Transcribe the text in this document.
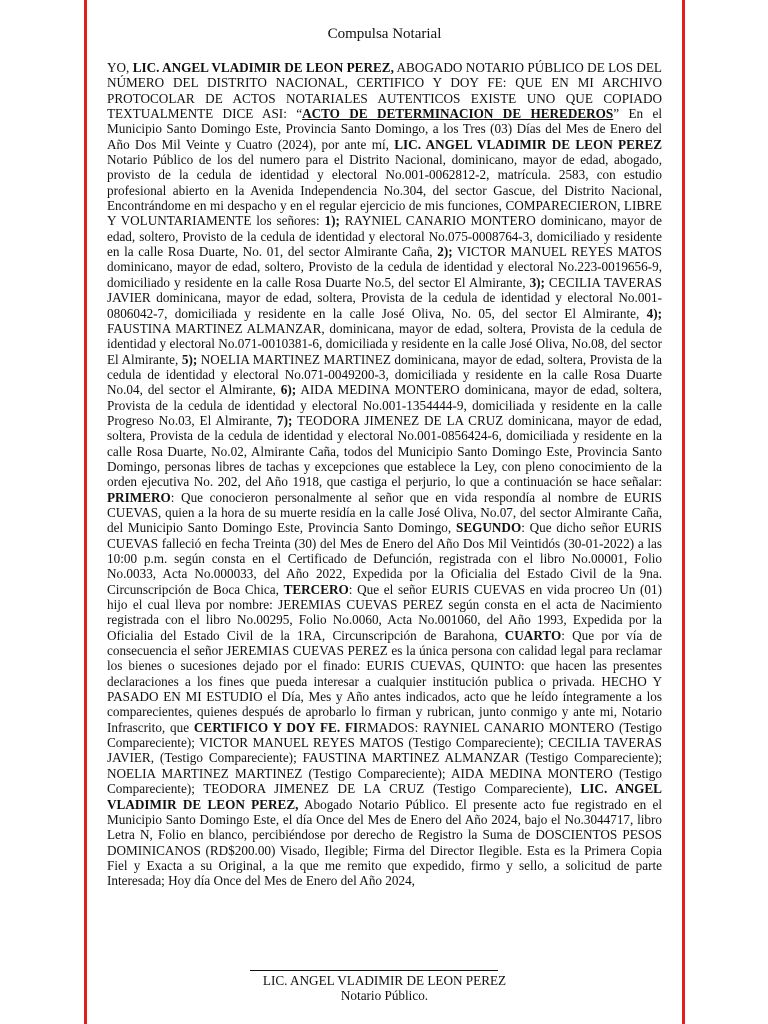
Compulsa Notarial

YO, LIC. ANGEL VLADIMIR DE LEON PEREZ, ABOGADO NOTARIO PÚBLICO DE LOS DEL NÚMERO DEL DISTRITO NACIONAL, CERTIFICO Y DOY FE: QUE EN MI ARCHIVO PROTOCOLAR DE ACTOS NOTARIALES AUTENTICOS EXISTE UNO QUE COPIADO TEXTUALMENTE DICE ASI: “ACTO DE DETERMINACION DE HEREDEROS” En el Municipio Santo Domingo Este, Provincia Santo Domingo, a los Tres (03) Días del Mes de Enero del Año Dos Mil Veinte y Cuatro (2024), por ante mí, LIC. ANGEL VLADIMIR DE LEON PEREZ Notario Público de los del numero para el Distrito Nacional, dominicano, mayor de edad, abogado, provisto de la cedula de identidad y electoral No.001-0062812-2, matrícula. 2583, con estudio profesional abierto en la Avenida Independencia No.304, del sector Gascue, del Distrito Nacional, Encontrándome en mi despacho y en el regular ejercicio de mis funciones, COMPARECIERON, LIBRE Y VOLUNTARIAMENTE los señores: 1); RAYNIEL CANARIO MONTERO dominicano, mayor de edad, soltero, Provisto de la cedula de identidad y electoral No.075-0008764-3, domiciliado y residente en la calle Rosa Duarte, No. 01, del sector Almirante Caña, 2); VICTOR MANUEL REYES MATOS dominicano, mayor de edad, soltero, Provisto de la cedula de identidad y electoral No.223-0019656-9, domiciliado y residente en la calle Rosa Duarte No.5, del sector El Almirante, 3); CECILIA TAVERAS JAVIER dominicana, mayor de edad, soltera, Provista de la cedula de identidad y electoral No.001-0806042-7, domiciliada y residente en la calle José Oliva, No. 05, del sector El Almirante, 4); FAUSTINA MARTINEZ ALMANZAR, dominicana, mayor de edad, soltera, Provista de la cedula de identidad y electoral No.071-0010381-6, domiciliada y residente en la calle José Oliva, No.08, del sector El Almirante, 5); NOELIA MARTINEZ MARTINEZ dominicana, mayor de edad, soltera, Provista de la cedula de identidad y electoral No.071-0049200-3, domiciliada y residente en la calle Rosa Duarte No.04, del sector el Almirante, 6); AIDA MEDINA MONTERO dominicana, mayor de edad, soltera, Provista de la cedula de identidad y electoral No.001-1354444-9, domiciliada y residente en la calle Progreso No.03, El Almirante, 7); TEODORA JIMENEZ DE LA CRUZ dominicana, mayor de edad, soltera, Provista de la cedula de identidad y electoral No.001-0856424-6, domiciliada y residente en la calle Rosa Duarte, No.02, Almirante Caña, todos del Municipio Santo Domingo Este, Provincia Santo Domingo, personas libres de tachas y excepciones que establece la Ley, con pleno conocimiento de la orden ejecutiva No. 202, del Año 1918, que castiga el perjurio, lo que a continuación se hace señalar: PRIMERO: Que conocieron personalmente al señor que en vida respondía al nombre de EURIS CUEVAS, quien a la hora de su muerte residía en la calle José Oliva, No.07, del sector Almirante Caña, del Municipio Santo Domingo Este, Provincia Santo Domingo, SEGUNDO: Que dicho señor EURIS CUEVAS falleció en fecha Treinta (30) del Mes de Enero del Año Dos Mil Veintidós (30-01-2022) a las 10:00 p.m. según consta en el Certificado de Defunción, registrada con el libro No.00001, Folio No.0033, Acta No.000033, del Año 2022, Expedida por la Oficialia del Estado Civil de la 9na. Circunscripción de Boca Chica, TERCERO: Que el señor EURIS CUEVAS en vida procreo Un (01) hijo el cual lleva por nombre: JEREMIAS CUEVAS PEREZ según consta en el acta de Nacimiento registrada con el libro No.00295, Folio No.0060, Acta No.001060, del Año 1993, Expedida por la Oficialia del Estado Civil de la 1RA, Circunscripción de Barahona, CUARTO: Que por vía de consecuencia el señor JEREMIAS CUEVAS PEREZ es la única persona con calidad legal para reclamar los bienes o sucesiones dejado por el finado: EURIS CUEVAS, QUINTO: que hacen las presentes declaraciones a los fines que pueda interesar a cualquier institución publica o privada. HECHO Y PASADO EN MI ESTUDIO el Día, Mes y Año antes indicados, acto que he leído íntegramente a los comparecientes, quienes después de aprobarlo lo firman y rubrican, junto conmigo y ante mi, Notario Infrascrito, que CERTIFICO Y DOY FE. FIRMADOS: RAYNIEL CANARIO MONTERO (Testigo Compareciente); VICTOR MANUEL REYES MATOS (Testigo Compareciente); CECILIA TAVERAS JAVIER, (Testigo Compareciente); FAUSTINA MARTINEZ ALMANZAR (Testigo Compareciente); NOELIA MARTINEZ MARTINEZ (Testigo Compareciente); AIDA MEDINA MONTERO (Testigo Compareciente); TEODORA JIMENEZ DE LA CRUZ (Testigo Compareciente), LIC. ANGEL VLADIMIR DE LEON PEREZ, Abogado Notario Público. El presente acto fue registrado en el Municipio Santo Domingo Este, el día Once del Mes de Enero del Año 2024, bajo el No.3044717, libro Letra N, Folio en blanco, percibiéndose por derecho de Registro la Suma de DOSCIENTOS PESOS DOMINICANOS (RD$200.00) Visado, Ilegible; Firma del Director Ilegible. Esta es la Primera Copia Fiel y Exacta a su Original, a la que me remito que expedido, firmo y sello, a solicitud de parte Interesada; Hoy día Once del Mes de Enero del Año 2024,

LIC. ANGEL VLADIMIR DE LEON PEREZ
Notario Público.
